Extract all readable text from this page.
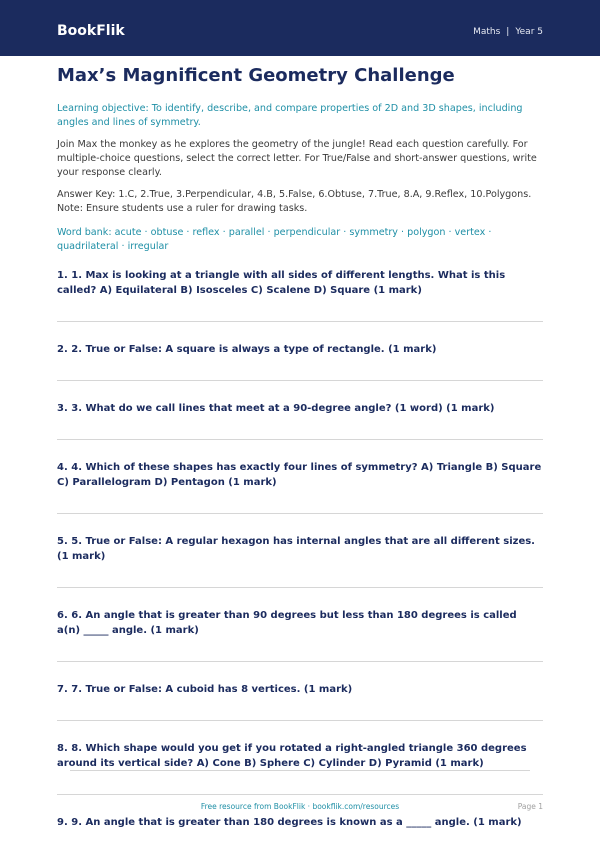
BookFlik	Maths | Year 5
Max’s Magnificent Geometry Challenge

Learning objective: To identify, describe, and compare properties of 2D and 3D shapes, including angles and lines of symmetry.

Join Max the monkey as he explores the geometry of the jungle! Read each question carefully. For multiple-choice questions, select the correct letter. For True/False and short-answer questions, write your response clearly.

Answer Key: 1.C, 2.True, 3.Perpendicular, 4.B, 5.False, 6.Obtuse, 7.True, 8.A, 9.Reflex, 10.Polygons. Note: Ensure students use a ruler for drawing tasks.

Word bank: acute · obtuse · reflex · parallel · perpendicular · symmetry · polygon · vertex · quadrilateral · irregular

1. 1. Max is looking at a triangle with all sides of different lengths. What is this called? A) Equilateral B) Isosceles C) Scalene D) Square (1 mark)
2. 2. True or False: A square is always a type of rectangle. (1 mark)
3. 3. What do we call lines that meet at a 90-degree angle? (1 word) (1 mark)
4. 4. Which of these shapes has exactly four lines of symmetry? A) Triangle B) Square C) Parallelogram D) Pentagon (1 mark)
5. 5. True or False: A regular hexagon has internal angles that are all different sizes. (1 mark)
6. 6. An angle that is greater than 90 degrees but less than 180 degrees is called a(n) _____ angle. (1 mark)
7. 7. True or False: A cuboid has 8 vertices. (1 mark)
8. 8. Which shape would you get if you rotated a right-angled triangle 360 degrees around its vertical side? A) Cone B) Sphere C) Cylinder D) Pyramid (1 mark)
9. 9. An angle that is greater than 180 degrees is known as a _____ angle. (1 mark)
Free resource from BookFlik · bookflik.com/resources	Page 1
